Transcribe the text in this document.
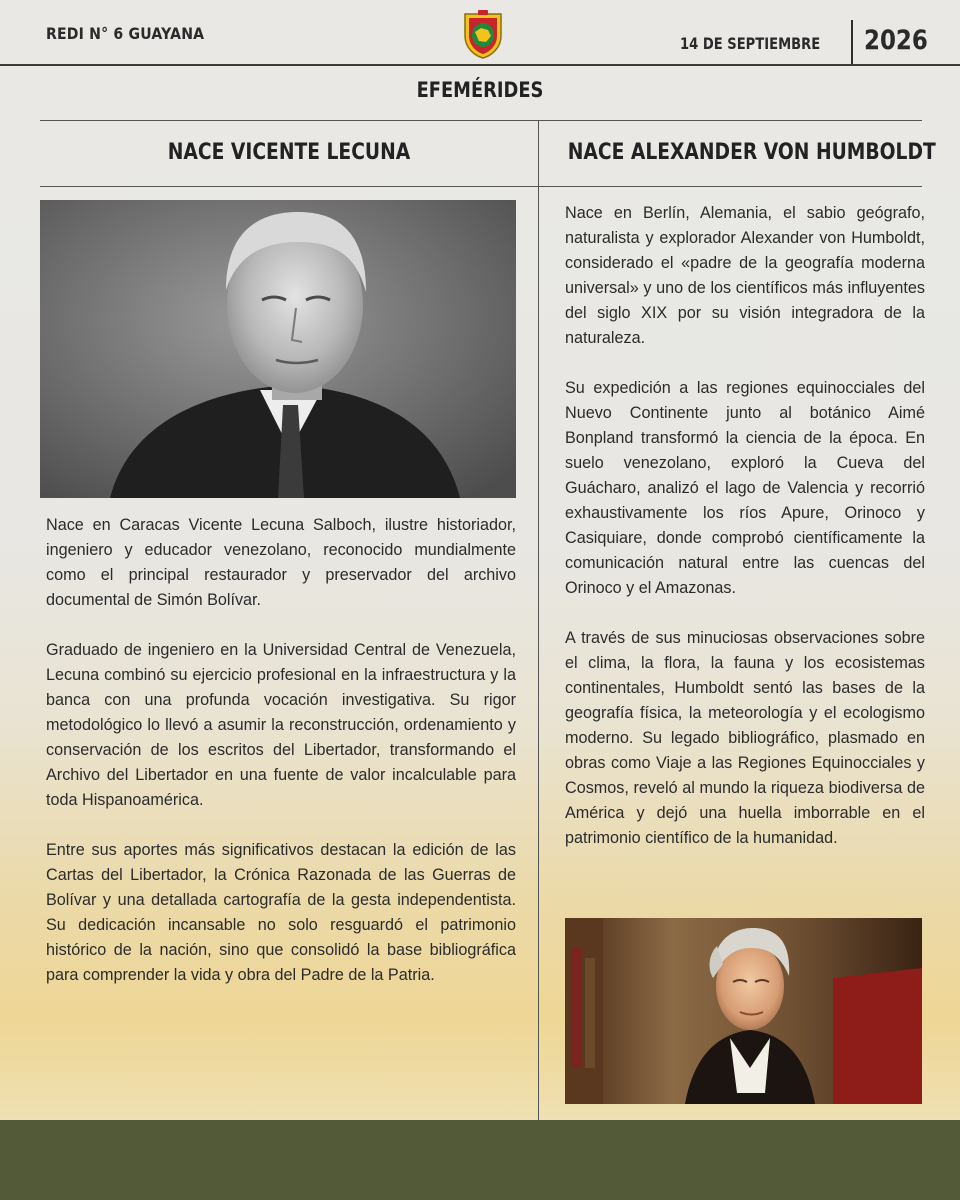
REDI N° 6 GUAYANA
14 DE SEPTIEMBRE 2026
EFEMÉRIDES
NACE VICENTE LECUNA	NACE ALEXANDER VON HUMBOLDT

Nace en Caracas Vicente Lecuna Salboch, ilustre historiador, ingeniero y educador venezolano, reconocido mundialmente como el principal restaurador y preservador del archivo documental de Simón Bolívar.

Graduado de ingeniero en la Universidad Central de Venezuela, Lecuna combinó su ejercicio profesional en la infraestructura y la banca con una profunda vocación investigativa. Su rigor metodológico lo llevó a asumir la reconstrucción, ordenamiento y conservación de los escritos del Libertador, transformando el Archivo del Libertador en una fuente de valor incalculable para toda Hispanoamérica.

Entre sus aportes más significativos destacan la edición de las Cartas del Libertador, la Crónica Razonada de las Guerras de Bolívar y una detallada cartografía de la gesta independentista. Su dedicación incansable no solo resguardó el patrimonio histórico de la nación, sino que consolidó la base bibliográfica para comprender la vida y obra del Padre de la Patria.

Nace en Berlín, Alemania, el sabio geógrafo, naturalista y explorador Alexander von Humboldt, considerado el «padre de la geografía moderna universal» y uno de los científicos más influyentes del siglo XIX por su visión integradora de la naturaleza.

Su expedición a las regiones equinocciales del Nuevo Continente junto al botánico Aimé Bonpland transformó la ciencia de la época. En suelo venezolano, exploró la Cueva del Guácharo, analizó el lago de Valencia y recorrió exhaustivamente los ríos Apure, Orinoco y Casiquiare, donde comprobó científicamente la comunicación natural entre las cuencas del Orinoco y el Amazonas.

A través de sus minuciosas observaciones sobre el clima, la flora, la fauna y los ecosistemas continentales, Humboldt sentó las bases de la geografía física, la meteorología y el ecologismo moderno. Su legado bibliográfico, plasmado en obras como Viaje a las Regiones Equinocciales y Cosmos, reveló al mundo la riqueza biodiversa de América y dejó una huella imborrable en el patrimonio científico de la humanidad.
